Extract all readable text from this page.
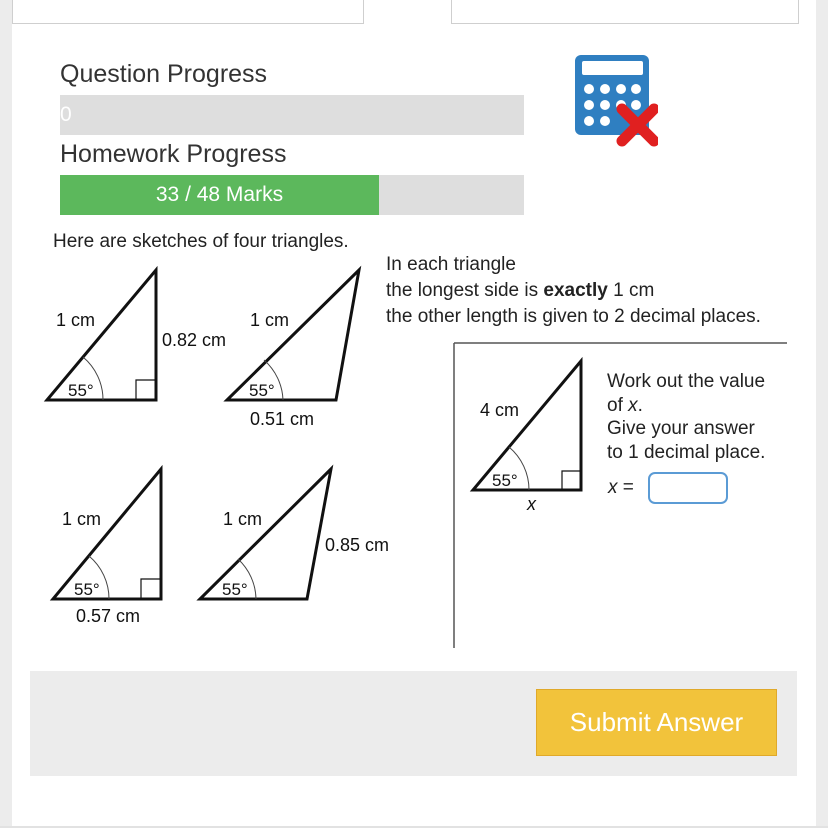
Question Progress
0
Homework Progress
33 / 48 Marks
Here are sketches of four triangles.
In each triangle
the longest side is exactly 1 cm
the other length is given to 2 decimal places.
1 cm
0.82 cm
55°
1 cm
0.51 cm
55°
1 cm
0.57 cm
55°
1 cm
0.85 cm
55°
4 cm
55°
x
Work out the value
of x.
Give your answer
to 1 decimal place.
x =
Submit Answer
